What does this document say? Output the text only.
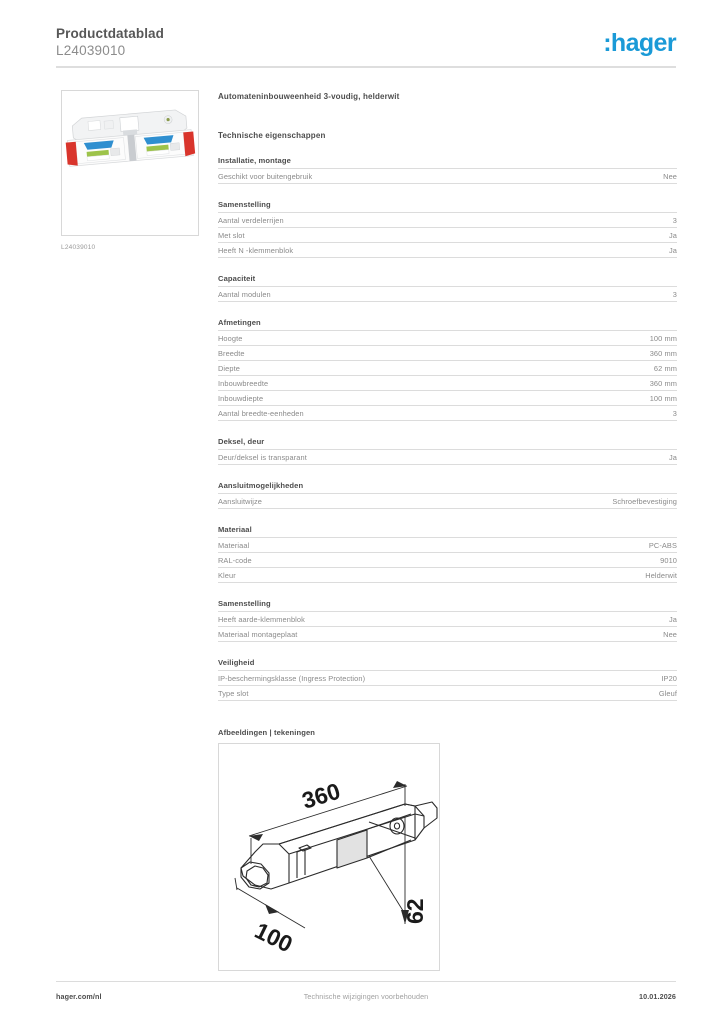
Productdatablad
L24039010	:hager
L24039010
Automateninbouweenheid 3-voudig, helderwit
Technische eigenschappen
Installatie, montage
Geschikt voor buitengebruik	Nee
Samenstelling
Aantal verdelerrijen	3
Met slot	Ja
Heeft N -klemmenblok	Ja
Capaciteit
Aantal modulen	3
Afmetingen
Hoogte	100 mm
Breedte	360 mm
Diepte	62 mm
Inbouwbreedte	360 mm
Inbouwdiepte	100 mm
Aantal breedte-eenheden	3
Deksel, deur
Deur/deksel is transparant	Ja
Aansluitmogelijkheden
Aansluitwijze	Schroefbevestiging
Materiaal
Materiaal	PC-ABS
RAL-code	9010
Kleur	Helderwit
Samenstelling
Heeft aarde-klemmenblok	Ja
Materiaal montageplaat	Nee
Veiligheid
IP-beschermingsklasse (Ingress Protection)	IP20
Type slot	Gleuf
Afbeeldingen | tekeningen
360
100
62
hager.com/nl	Technische wijzigingen voorbehouden	10.01.2026
